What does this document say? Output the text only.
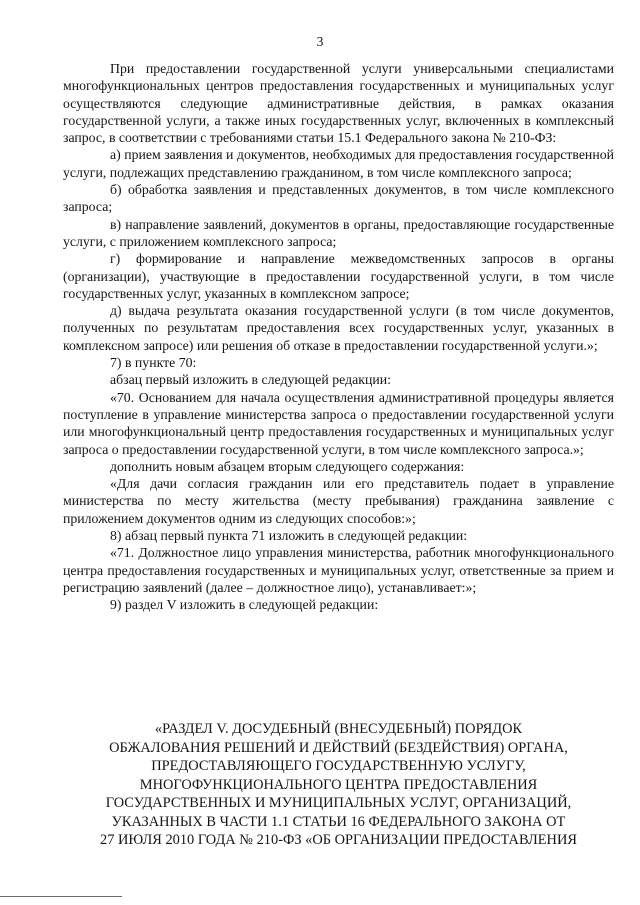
3

При предоставлении государственной услуги универсальными специалистами многофункциональных центров предоставления государственных и муниципальных услуг осуществляются следующие административные действия, в рамках оказания государственной услуги, а также иных государственных услуг, включенных в комплексный запрос, в соответствии с требованиями статьи 15.1 Федерального закона № 210-ФЗ:

а) прием заявления и документов, необходимых для предоставления государственной услуги, подлежащих представлению гражданином, в том числе комплексного запроса;

б) обработка заявления и представленных документов, в том числе комплексного запроса;

в) направление заявлений, документов в органы, предоставляющие государственные услуги, с приложением комплексного запроса;

г) формирование и направление межведомственных запросов в органы (организации), участвующие в предоставлении государственной услуги, в том числе государственных услуг, указанных в комплексном запросе;

д) выдача результата оказания государственной услуги (в том числе документов, полученных по результатам предоставления всех государственных услуг, указанных в комплексном запросе) или решения об отказе в предоставлении государственной услуги.»;

7) в пункте 70:

абзац первый изложить в следующей редакции:

«70. Основанием для начала осуществления административной процедуры является поступление в управление министерства запроса о предоставлении государственной услуги или многофункциональный центр предоставления государственных и муниципальных услуг запроса о предоставлении государственной услуги, в том числе комплексного запроса.»;

дополнить новым абзацем вторым следующего содержания:

«Для дачи согласия гражданин или его представитель подает в управление министерства по месту жительства (месту пребывания) гражданина заявление с приложением документов одним из следующих способов:»;

8) абзац первый пункта 71 изложить в следующей редакции:

«71. Должностное лицо управления министерства, работник многофункционального центра предоставления государственных и муниципальных услуг, ответственные за прием и регистрацию заявлений (далее – должностное лицо), устанавливает:»;

9) раздел V изложить в следующей редакции:

«РАЗДЕЛ V. ДОСУДЕБНЫЙ (ВНЕСУДЕБНЫЙ) ПОРЯДОК
ОБЖАЛОВАНИЯ РЕШЕНИЙ И ДЕЙСТВИЙ (БЕЗДЕЙСТВИЯ) ОРГАНА,
ПРЕДОСТАВЛЯЮЩЕГО ГОСУДАРСТВЕННУЮ УСЛУГУ,
МНОГОФУНКЦИОНАЛЬНОГО ЦЕНТРА ПРЕДОСТАВЛЕНИЯ
ГОСУДАРСТВЕННЫХ И МУНИЦИПАЛЬНЫХ УСЛУГ, ОРГАНИЗАЦИЙ,
УКАЗАННЫХ В ЧАСТИ 1.1 СТАТЬИ 16 ФЕДЕРАЛЬНОГО ЗАКОНА ОТ
27 ИЮЛЯ 2010 ГОДА № 210-ФЗ «ОБ ОРГАНИЗАЦИИ ПРЕДОСТАВЛЕНИЯ
